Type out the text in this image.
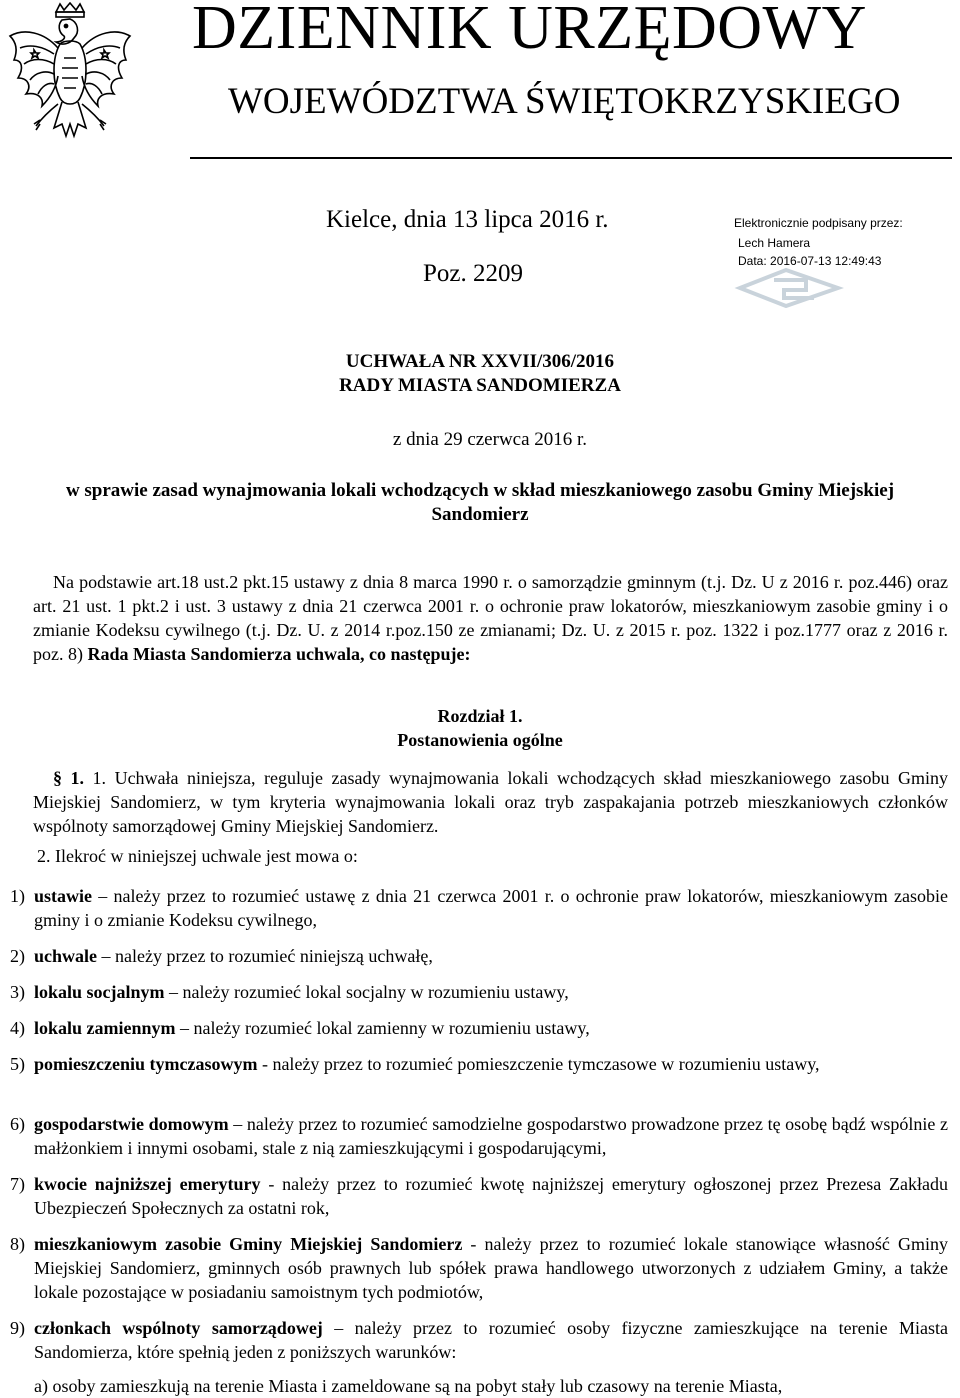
DZIENNIK URZĘDOWY
WOJEWÓDZTWA ŚWIĘTOKRZYSKIEGO
Kielce, dnia 13 lipca 2016 r.
Poz. 2209
Elektronicznie podpisany przez:
Lech Hamera
Data: 2016-07-13 12:49:43
UCHWAŁA NR XXVII/306/2016
RADY MIASTA SANDOMIERZA
z dnia 29 czerwca 2016 r.
w sprawie zasad wynajmowania lokali wchodzących w skład mieszkaniowego zasobu Gminy Miejskiej Sandomierz
Na podstawie art.18 ust.2 pkt.15 ustawy z dnia 8 marca 1990 r. o samorządzie gminnym (t.j. Dz. U z 2016 r. poz.446) oraz art. 21 ust. 1 pkt.2 i ust. 3 ustawy z dnia 21 czerwca 2001 r. o ochronie praw lokatorów, mieszkaniowym zasobie gminy i o zmianie Kodeksu cywilnego (t.j. Dz. U. z 2014 r.poz.150 ze zmianami; Dz. U. z 2015 r. poz. 1322 i poz.1777 oraz z 2016 r. poz. 8) Rada Miasta Sandomierza uchwala, co następuje:
Rozdział 1.
Postanowienia ogólne
§ 1. 1. Uchwała niniejsza, reguluje zasady wynajmowania lokali wchodzących skład mieszkaniowego zasobu Gminy Miejskiej Sandomierz, w tym kryteria wynajmowania lokali oraz tryb zaspakajania potrzeb mieszkaniowych członków wspólnoty samorządowej Gminy Miejskiej Sandomierz.
2. Ilekroć w niniejszej uchwale jest mowa o:
1) ustawie – należy przez to rozumieć ustawę z dnia 21 czerwca 2001 r. o ochronie praw lokatorów, mieszkaniowym zasobie gminy i o zmianie Kodeksu cywilnego,
2) uchwale – należy przez to rozumieć niniejszą uchwałę,
3) lokalu socjalnym – należy rozumieć lokal socjalny w rozumieniu ustawy,
4) lokalu zamiennym – należy rozumieć lokal zamienny w rozumieniu ustawy,
5) pomieszczeniu tymczasowym - należy przez to rozumieć pomieszczenie tymczasowe w rozumieniu ustawy,
6) gospodarstwie domowym – należy przez to rozumieć samodzielne gospodarstwo prowadzone przez tę osobę bądź wspólnie z małżonkiem i innymi osobami, stale z nią zamieszkującymi i gospodarującymi,
7) kwocie najniższej emerytury - należy przez to rozumieć kwotę najniższej emerytury ogłoszonej przez Prezesa Zakładu Ubezpieczeń Społecznych za ostatni rok,
8) mieszkaniowym zasobie Gminy Miejskiej Sandomierz - należy przez to rozumieć lokale stanowiące własność Gminy Miejskiej Sandomierz, gminnych osób prawnych lub spółek prawa handlowego utworzonych z udziałem Gminy, a także lokale pozostające w posiadaniu samoistnym tych podmiotów,
9) członkach wspólnoty samorządowej – należy przez to rozumieć osoby fizyczne zamieszkujące na terenie Miasta Sandomierza, które spełnią jeden z poniższych warunków:
a) osoby zamieszkują na terenie Miasta i zameldowane są na pobyt stały lub czasowy na terenie Miasta,
